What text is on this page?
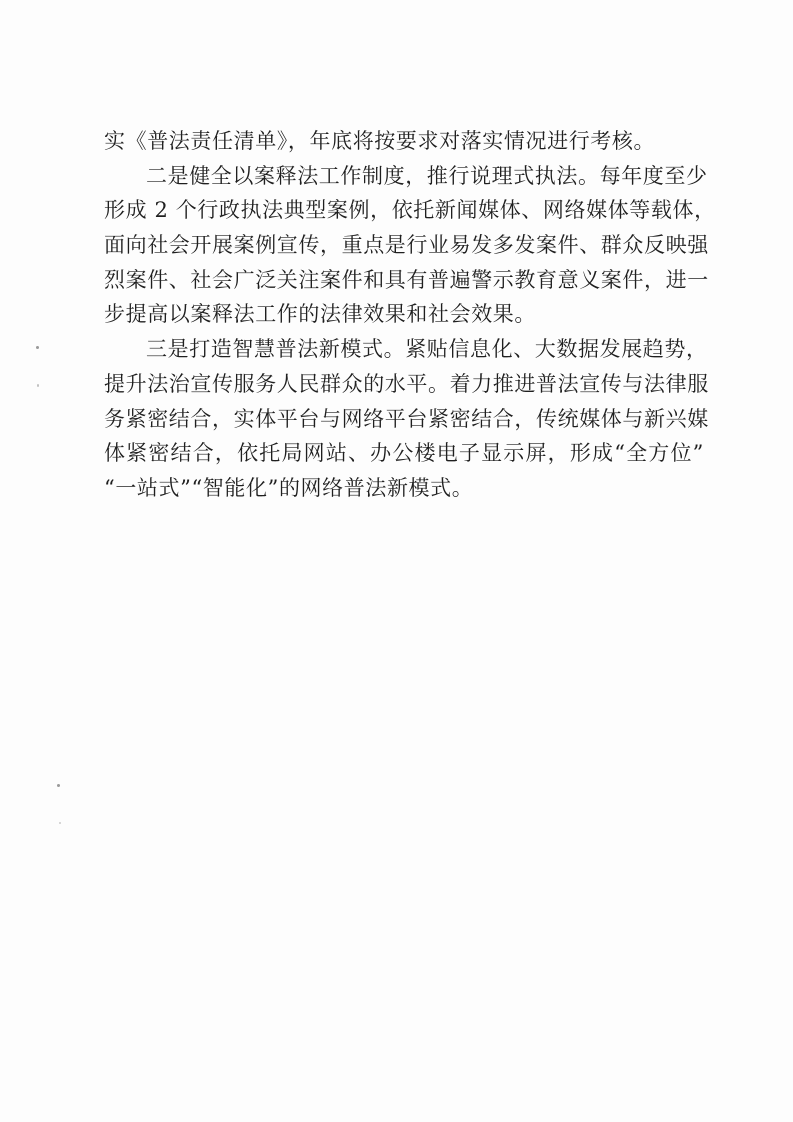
实《普法责任清单》，年底将按要求对落实情况进行考核。
二是健全以案释法工作制度，推行说理式执法。每年度至少
形成 2 个行政执法典型案例，依托新闻媒体、网络媒体等载体，
面向社会开展案例宣传，重点是行业易发多发案件、群众反映强
烈案件、社会广泛关注案件和具有普遍警示教育意义案件，进一
步提高以案释法工作的法律效果和社会效果。
三是打造智慧普法新模式。紧贴信息化、大数据发展趋势，
提升法治宣传服务人民群众的水平。着力推进普法宣传与法律服
务紧密结合，实体平台与网络平台紧密结合，传统媒体与新兴媒
体紧密结合，依托局网站、办公楼电子显示屏，形成“全方位”
“一站式”“智能化”的网络普法新模式。
